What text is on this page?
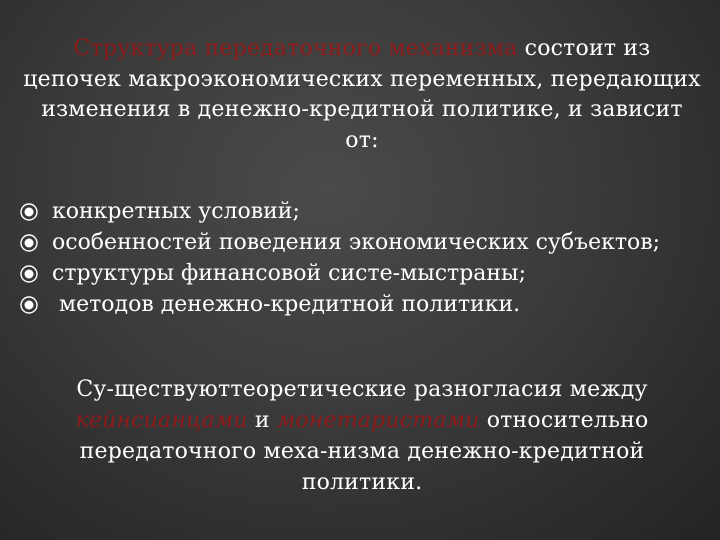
Структура передаточного механизма состоит из цепочек макроэкономических переменных, передающих изменения в денежно-кредитной политике, и зависит от:

конкретных условий;
особенностей поведения экономических субъектов;
структуры финансовой систе-мыстраны;
методов денежно-кредитной политики.

Су-ществуюттеоретические разногласия между кейнсианцами и монетаристами относительно передаточного меха-низма денежно-кредитной политики.
